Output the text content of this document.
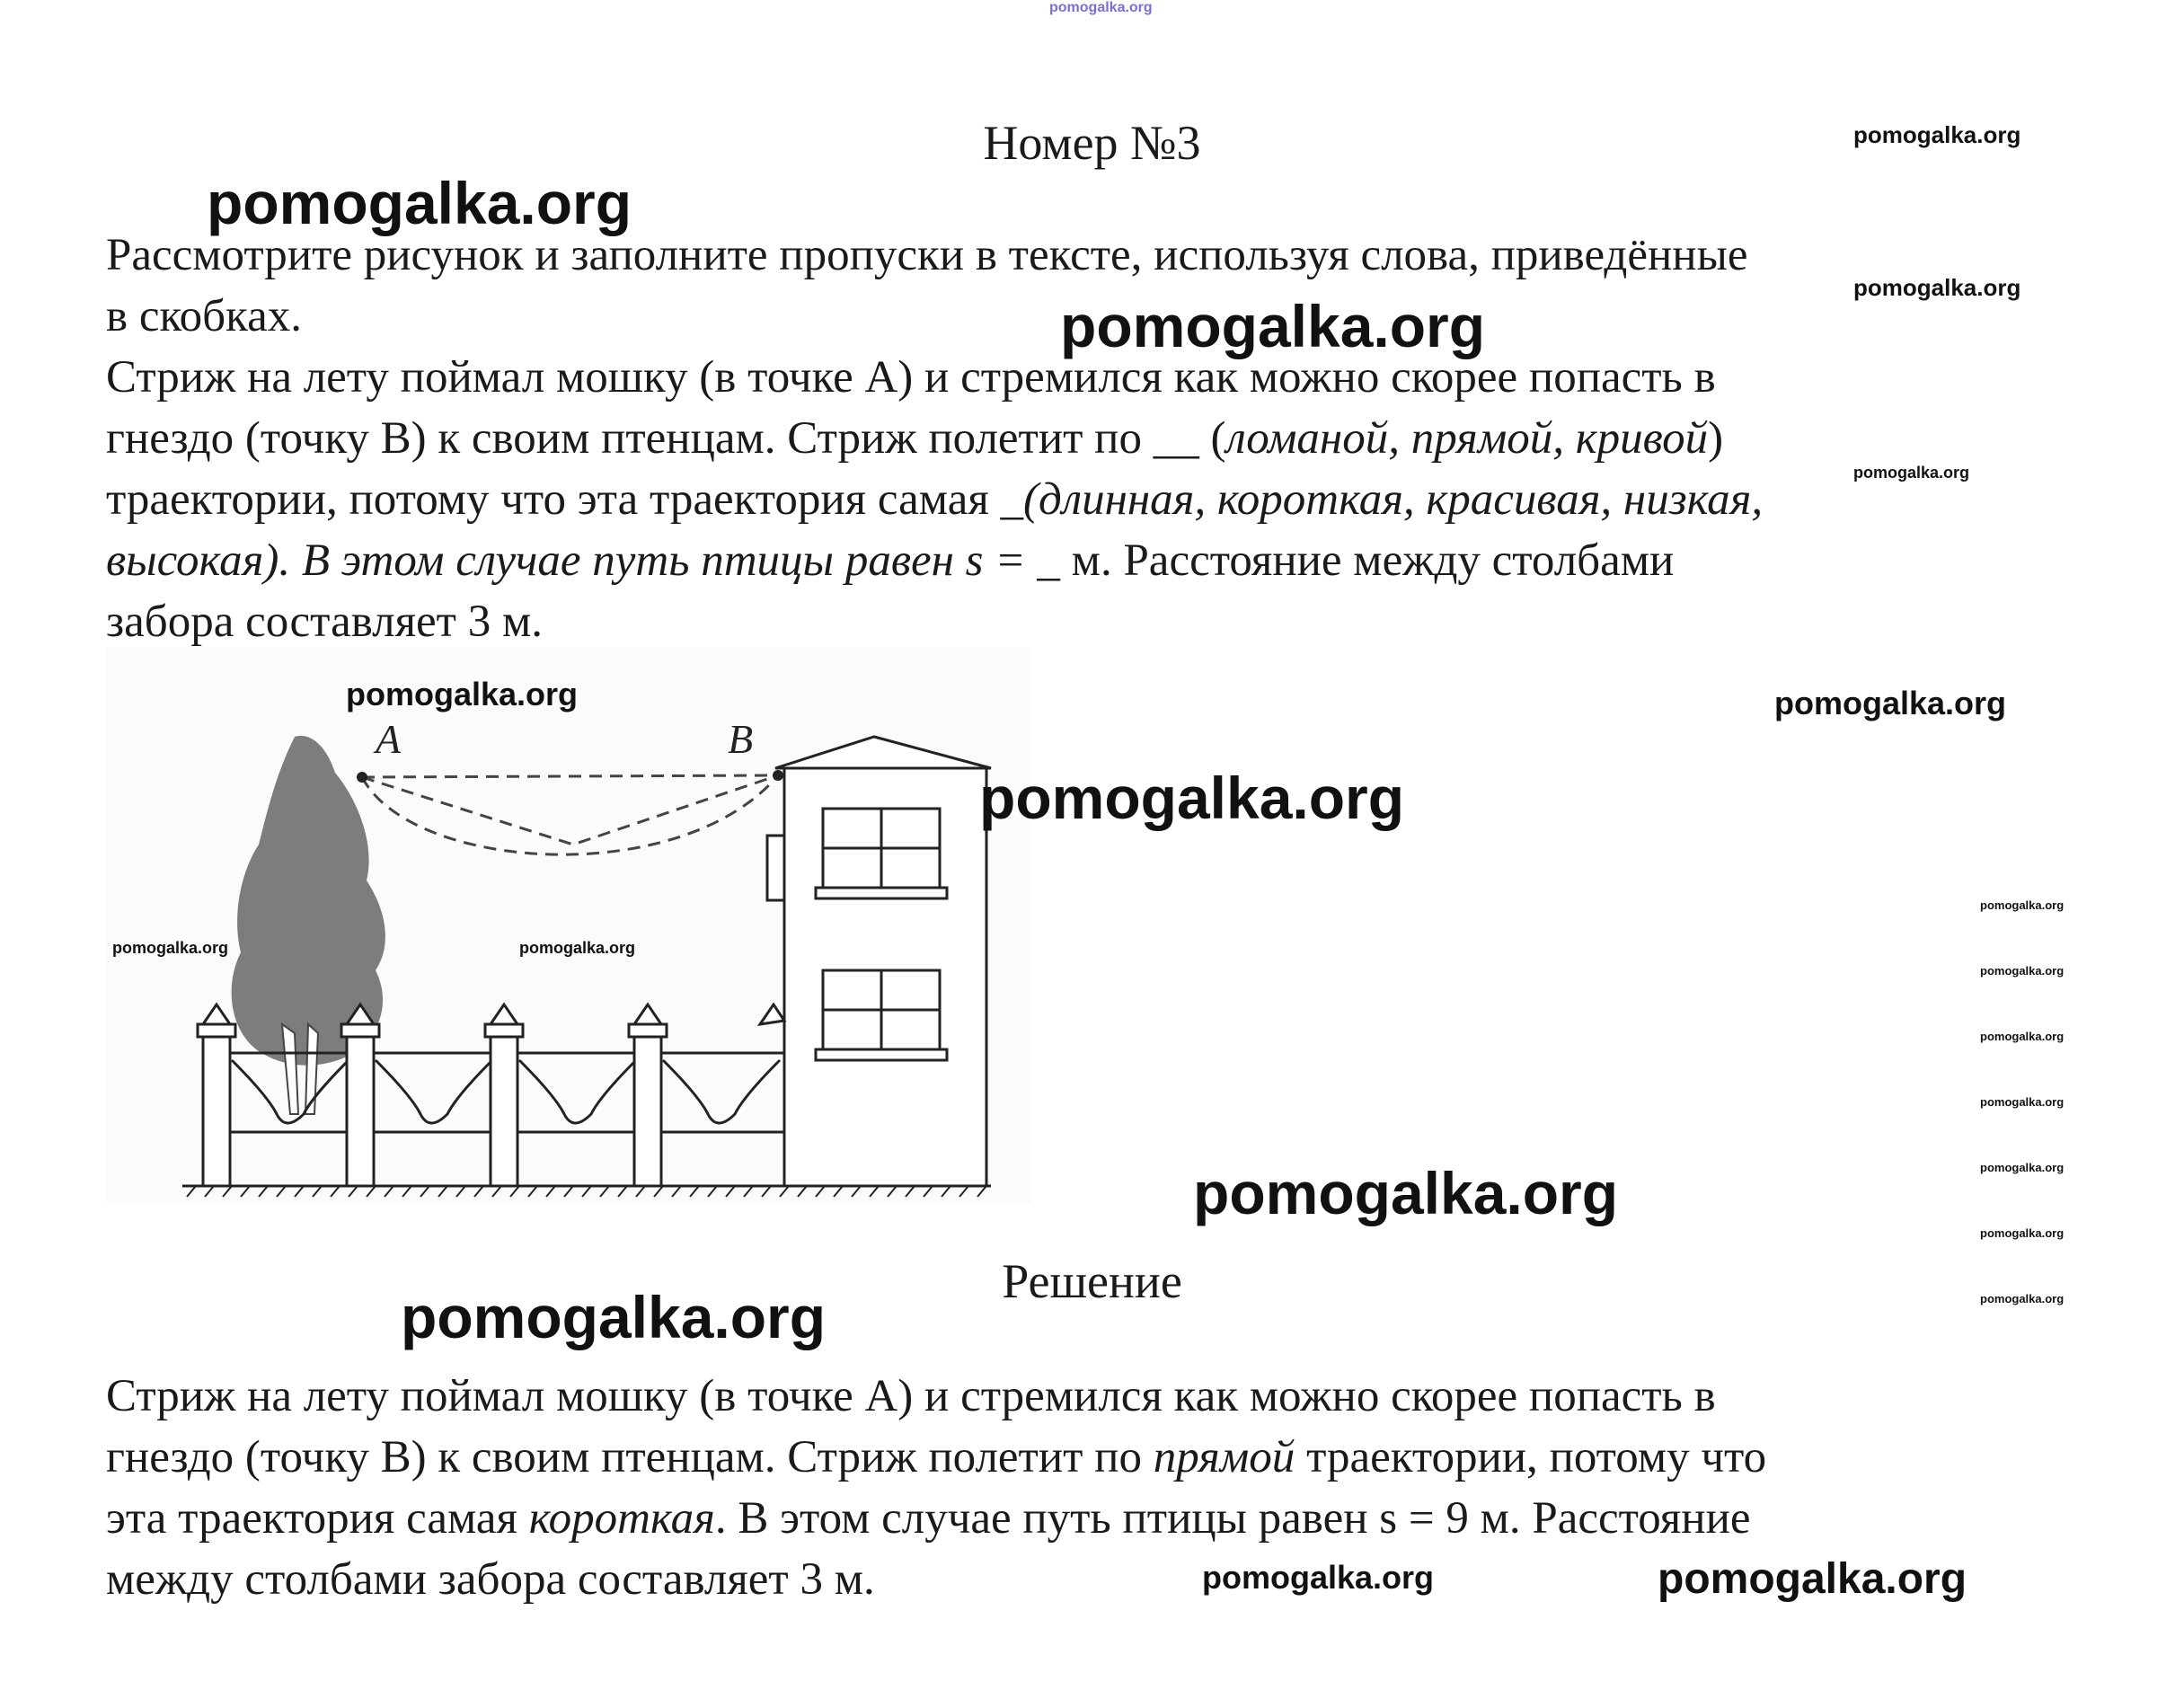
pomogalka.org
Номер №3
Рассмотрите рисунок и заполните пропуски в тексте, используя слова, приведённые
в скобках.
Стриж на лету поймал мошку (в точке А) и стремился как можно скорее попасть в
гнездо (точку В) к своим птенцам. Стриж полетит по __ (ломаной, прямой, кривой)
траектории, потому что эта траектория самая _(длинная, короткая, красивая, низкая,
высокая). В этом случае путь птицы равен s = _ м. Расстояние между столбами
забора составляет 3 м.
A	B
Решение
Стриж на лету поймал мошку (в точке А) и стремился как можно скорее попасть в
гнездо (точку В) к своим птенцам. Стриж полетит по прямой траектории, потому что
эта траектория самая короткая. В этом случае путь птицы равен s = 9 м. Расстояние
между столбами забора составляет 3 м.
pomogalka.org
pomogalka.org
pomogalka.org
pomogalka.org
pomogalka.org
pomogalka.org	pomogalka.org
pomogalka.org
pomogalka.org	pomogalka.org
pomogalka.org
pomogalka.org
pomogalka.org
pomogalka.org
pomogalka.org
pomogalka.org
pomogalka.org
pomogalka.org
pomogalka.org
pomogalka.org	pomogalka.org
